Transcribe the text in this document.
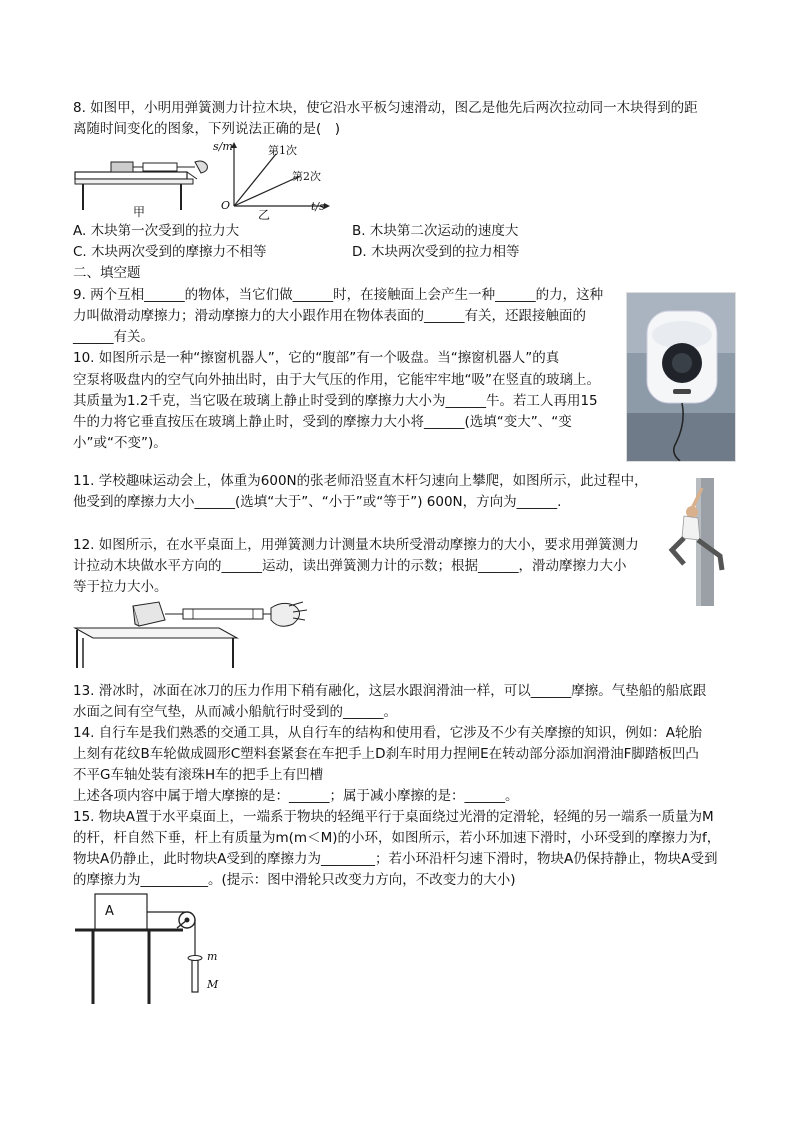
8. 如图甲，小明用弹簧测力计拉木块，使它沿水平板匀速滑动，图乙是他先后两次拉动同一木块得到的距
离随时间变化的图象，下列说法正确的是(　)
甲
s/m
t/s
O
第1次
第2次
乙
A. 木块第一次受到的拉力大	B. 木块第二次运动的速度大
C. 木块两次受到的摩擦力不相等	D. 木块两次受到的拉力相等
二、填空题
9. 两个互相______的物体，当它们做______时，在接触面上会产生一种______的力，这种
力叫做滑动摩擦力；滑动摩擦力的大小跟作用在物体表面的______有关，还跟接触面的
______有关。
10. 如图所示是一种“擦窗机器人”，它的“腹部”有一个吸盘。当“擦窗机器人”的真
空泵将吸盘内的空气向外抽出时，由于大气压的作用，它能牢牢地“吸”在竖直的玻璃上。
其质量为1.2千克，当它吸在玻璃上静止时受到的摩擦力大小为______牛。若工人再用15
牛的力将它垂直按压在玻璃上静止时，受到的摩擦力大小将______(选填“变大”、“变
小”或“不变”)。
11. 学校趣味运动会上，体重为600N的张老师沿竖直木杆匀速向上攀爬，如图所示，此过程中，
他受到的摩擦力大小______(选填“大于”、“小于”或“等于”) 600N，方向为______.
12. 如图所示，在水平桌面上，用弹簧测力计测量木块所受滑动摩擦力的大小，要求用弹簧测力
计拉动木块做水平方向的______运动，读出弹簧测力计的示数；根据______，滑动摩擦力大小
等于拉力大小。
13. 滑冰时，冰面在冰刀的压力作用下稍有融化，这层水跟润滑油一样，可以______摩擦。气垫船的船底跟
水面之间有空气垫，从而减小船航行时受到的______。
14. 自行车是我们熟悉的交通工具，从自行车的结构和使用看，它涉及不少有关摩擦的知识，例如：A轮胎
上刻有花纹B车轮做成圆形C塑料套紧套在车把手上D刹车时用力捏闸E在转动部分添加润滑油F脚踏板凹凸
不平G车轴处装有滚珠H车的把手上有凹槽
上述各项内容中属于增大摩擦的是：______；属于减小摩擦的是：______。
15. 物块A置于水平桌面上，一端系于物块的轻绳平行于桌面绕过光滑的定滑轮，轻绳的另一端系一质量为M
的杆，杆自然下垂，杆上有质量为m(m＜M)的小环，如图所示，若小环加速下滑时，小环受到的摩擦力为f，
物块A仍静止，此时物块A受到的摩擦力为________；若小环沿杆匀速下滑时，物块A仍保持静止，物块A受到
的摩擦力为__________。(提示：图中滑轮只改变力方向，不改变力的大小)
A
m
M
